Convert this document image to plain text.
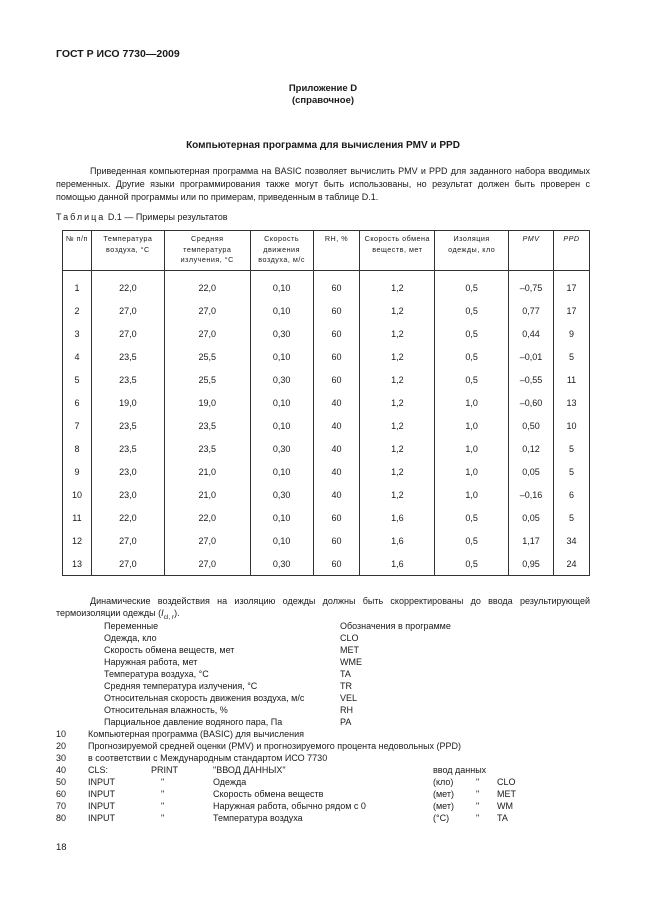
ГОСТ Р ИСО 7730—2009
Приложение D
(справочное)
Компьютерная программа для вычисления PMV и PPD

Приведенная компьютерная программа на BASIC позволяет вычислить PMV и PPD для заданного набора вводимых переменных. Другие языки программирования также могут быть использованы, но результат должен быть проверен с помощью данной программы или по примерам, приведенным в таблице D.1.

Таблица D.1 — Примеры результатов
№ п/п	Температура воздуха, °С	Средняя температура излучения, °С	Скорость движения воздуха, м/с	RH, %	Скорость обмена веществ, мет	Изоляция одежды, кло	PMV	PPD
1	22,0	22,0	0,10	60	1,2	0,5	–0,75	17
2	27,0	27,0	0,10	60	1,2	0,5	0,77	17
3	27,0	27,0	0,30	60	1,2	0,5	0,44	9
4	23,5	25,5	0,10	60	1,2	0,5	–0,01	5
5	23,5	25,5	0,30	60	1,2	0,5	–0,55	11
6	19,0	19,0	0,10	40	1,2	1,0	–0,60	13
7	23,5	23,5	0,10	40	1,2	1,0	0,50	10
8	23,5	23,5	0,30	40	1,2	1,0	0,12	5
9	23,0	21,0	0,10	40	1,2	1,0	0,05	5
10	23,0	21,0	0,30	40	1,2	1,0	–0,16	6
11	22,0	22,0	0,10	60	1,6	0,5	0,05	5
12	27,0	27,0	0,10	60	1,6	0,5	1,17	34
13	27,0	27,0	0,30	60	1,6	0,5	0,95	24

Динамические воздействия на изоляцию одежды должны быть скорректированы до ввода результирующей термоизоляции одежды $(I_{cl, r})$.

Переменные	Обозначения в программе
Одежда, кло	CLO
Скорость обмена веществ, мет	MET
Наружная работа, мет	WME
Температура воздуха, °С	TA
Средняя температура излучения, °С	TR
Относительная скорость движения воздуха, м/с	VEL
Относительная влажность, %	RH
Парциальное давление водяного пара, Па	PA
10 Компьютерная программа (BASIC) для вычисления
20 Прогнозируемой средней оценки (PMV) и прогнозируемого процента недовольных (PPD)
30 в соответствии с Международным стандартом ИСО 7730
40 CLS:	PRINT	"ВВОД ДАННЫХ"	ввод данных
50 INPUT	"	Одежда	(кло)	" CLO
60 INPUT	"	Скорость обмена веществ	(мет) " MET
70 INPUT	"	Наружная работа, обычно рядом с 0	(мет) " WM
80 INPUT	"	Температура воздуха	(°С)	" TA
18
